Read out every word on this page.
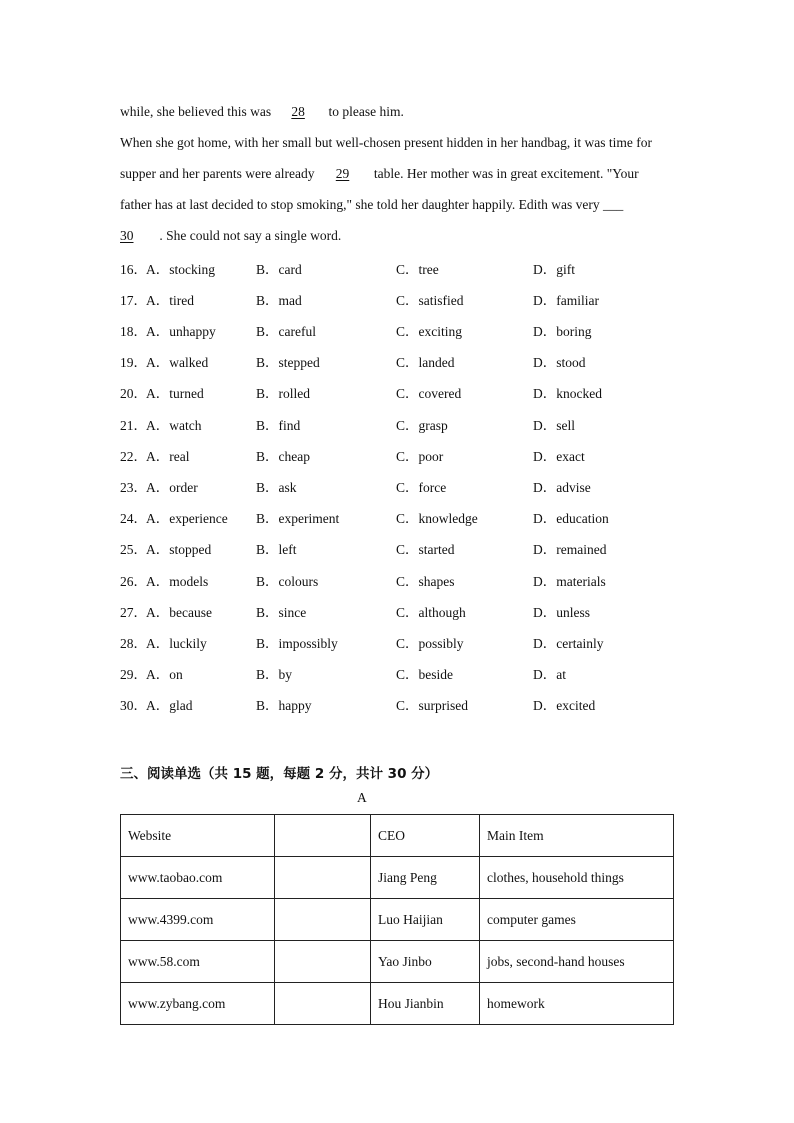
while, she believed this was 28 to please him.
When she got home, with her small but well-chosen present hidden in her handbag, it was time for
supper and her parents were already 29 table. Her mother was in great excitement. "Your
father has at last decided to stop smoking," she told her daughter happily. Edith was very ___
30 . She could not say a single word.
16． A．stocking	B．card	C．tree	D．gift
17． A．tired	B．mad	C．satisfied	D．familiar
18． A．unhappy	B．careful	C．exciting	D．boring
19． A．walked	B．stepped	C．landed	D．stood
20． A．turned	B．rolled	C．covered	D．knocked
21． A．watch	B．find	C．grasp	D．sell
22． A．real	B．cheap	C．poor	D．exact
23． A．order	B．ask	C．force	D．advise
24． A．experience B．experiment	C．knowledge	D．education
25． A．stopped	B．left	C．started	D．remained
26． A．models	B．colours	C．shapes	D．materials
27． A．because	B．since	C．although	D．unless
28． A．luckily	B．impossibly	C．possibly	D．certainly
29． A．on	B．by	C．beside	D．at
30． A．glad	B．happy	C．surprised	D．excited
三、阅读单选（共 15 题，每题 2 分，共计 30 分）
A
Website		CEO	Main Item
www.taobao.com		Jiang Peng	clothes, household things
www.4399.com		Luo Haijian	computer games
www.58.com		Yao Jinbo	jobs, second-hand houses
www.zybang.com		Hou Jianbin	homework
